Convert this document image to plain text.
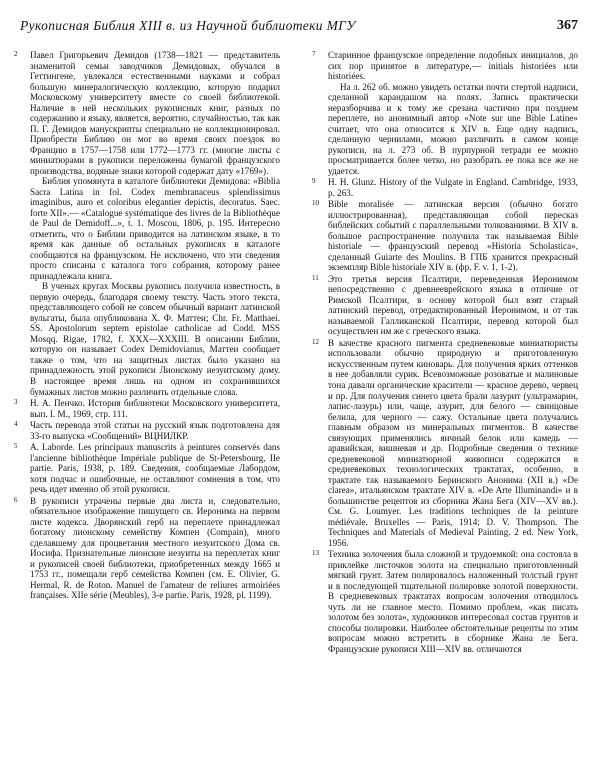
Рукописная Библия XIII в. из Научной библиотеки МГУ	367
2 Павел Григорьевич Демидов (1738—1821 — представитель знаменитой семьи заводчиков Демидовых, обучался в Геттингене, увлекался естественными науками и собрал большую минералогическую коллекцию, которую подарил Московскому университету вместе со своей библиотекой. Наличие в ней нескольких рукописных книг, разных по содержанию и языку, является, вероятно, случайностью, так как П. Г. Демидов манускрипты специально не коллекционировал. Приобрести Библию он мог во время своих поездок во Францию в 1757—1758 или 1772—1773 гг. (многие листы с миниатюрами в рукописи переложены бумагой французского производства, водяные знаки которой содержат дату «1769»).
Библия упомянута в каталоге библиотеки Демидова: «Biblia Sacra Latina in fol. Codex membranaceus splendissimus imaginibus, auro et coloribus elegantier depictis, decoratus. Saec. forte XII».— «Catalogue systématique des livres de la Bibliothèque de Paul de Demidoff...», t. 1. Moscou, 1806, p. 195. Интересно отметить, что о Библии приводится на латинском языке, в то время как данные об остальных рукописях в каталоге сообщаются на французском. Не исключено, что эти сведения просто списаны с каталога того собрания, которому ранее принадлежала книга.
В ученых кругах Москвы рукопись получила известность, в первую очередь, благодаря своему тексту. Часть этого текста, представляющего собой не совсем обычный вариант латинской вульгаты, была опубликована X. Ф. Маттеи; Chr. Fr. Matthaei. SS. Apostolorum septem epistolae catholicae ad Codd. MSS Mosqq. Rigae, 1782, f. XXX—XXXIII. В описании Библии, которую он называет Codex Demidovianus, Маттеи сообщает также о том, что на защитных листах было указано на принадлежность этой рукописи Лионскому иезуитскому дому. В настоящее время лишь на одном из сохранившихся бумажных листов можно различить отдельные слова.
3 Н. А. Пенчко. История библиотеки Московского университета, вып. I. М., 1969, стр. 111.
4 Часть перевода этой статьи на русский язык подготовлена для 33-го выпуска «Сообщений» ВЦНИЛКР.
5 A. Laborde. Les principaux manuscrits à peintures conservés dans l'ancienne bibliothèque Impériale publique de St-Petersbourg, IIe partie. Paris, 1938, p. 189. Сведения, сообщаемые Лабордом, хотя подчас и ошибочные, не оставляют сомнения в том, что речь идет именно об этой рукописи.
6 В рукописи утрачены первые два листа и, следовательно, обязательное изображение пишущего св. Иеронима на первом листе кодекса. Дворянский герб на переплете принадлежал богатому лионскому семейству Компен (Compain), много сделавшему для процветания местного иезуитского Дома св. Иосифа. Признательные лионские иезуиты на переплетах книг и рукописей своей библиотеки, приобретенных между 1665 и 1753 гг., помещали герб семейства Компен (см. E. Olivier, G. Hermal, R. de Roton. Manuel de l'amateur de reliures armoiriées françaises. XIIe série (Meubles), 3-e partie. Paris, 1928, pl. 1199).
7 Старинное французское определение подобных инициалов, до сих пор принятое в литературе,— initials historiées или historiées.
На л. 262 об. можно увидеть остатки почти стертой надписи, сделанной карандашом на полях. Запись практически неразборчива и к тому же срезана частично при позднем переплете, но анонимный автор «Note sur une Bible Latine» считает, что она относится к XIV в. Еще одну надпись, сделанную чернилами, можно различить в самом конце рукописи, на л. 273 об. В пурпурной тетради ее можно просматривается более четко, но разобрать ее пока все же не удается.
9 H. H. Glunz. History of the Vulgate in England. Cambridge, 1933, p. 263.
10 Bible moralisée — латинская версия (обычно богато иллюстрированная), представляющая собой пересказ библейских событий с параллельными толкованиями. В XIV в. большое распространение получила так называемая Bible historiale — французский перевод «Historia Scholastica», сделанный Guiarte des Moulins. В ГПБ хранится прекрасный экземпляр Bible historiale XIV в. (фр. F. v. 1, 1-2).
11 Это третья версия Псалтири, переведенная Иеронимом непосредственно с древнееврейского языка в отличие от Римской Псалтири, в основу которой был взят старый латинский перевод, отредактированный Иеронимом, и от так называемой Галликанской Псалтири, перевод которой был осуществлен им же с греческого языка.
12 В качестве красного пигмента средневековые миниатюристы использовали обычно природную и приготовленную искусственным путем киноварь. Для получения ярких оттенков в нее добавляли сурик. Всевозможные розоватые и малиновые тона давали органические красители — красное дерево, червец и пр. Для получения синего цвета брали лазурит (ультрамарин, лапис-лазурь) или, чаще, азурит, для белого — свинцовые белила, для черного — сажу. Остальные цвета получались главным образом из минеральных пигментов. В качестве связующих применялись яичный белок или камедь — аравийская, вишневая и др. Подробные сведения о технике средневековой миниатюрной живописи содержатся в средневековых технологических трактатах, особенно, в трактате так называемого Беринского Анонима (XII в.) «De clarea», итальянском трактате XIV в. «De Arte Illuminandi» и в большинстве рецептов из сборника Жана Бега (XIV—XV вв.). См. G. Loumyer. Les traditions techniques de la peinture médiévale. Bruxelles — Paris, 1914; D. V. Thompson. The Techniques and Materials of Medieval Painting. 2 ed. New York, 1956.
13 Техника золочения была сложной и трудоемкой: она состояла в приклейке листочков золота на специально приготовленный мягкий грунт. Затем полировалось наложенный толстый грунт и в последующей тщательной полировке золотой поверхности. В средневековых трактатах вопросам золочения отводилось чуть ли не главное место. Помимо проблем, «как писать золотом без золота», художников интересовал состав грунтов и способы полировки. Наиболее обстоятельные рецепты по этим вопросам можно встретить в сборнике Жана ле Бега. Французские рукописи XIII—XIV вв. отличаются
